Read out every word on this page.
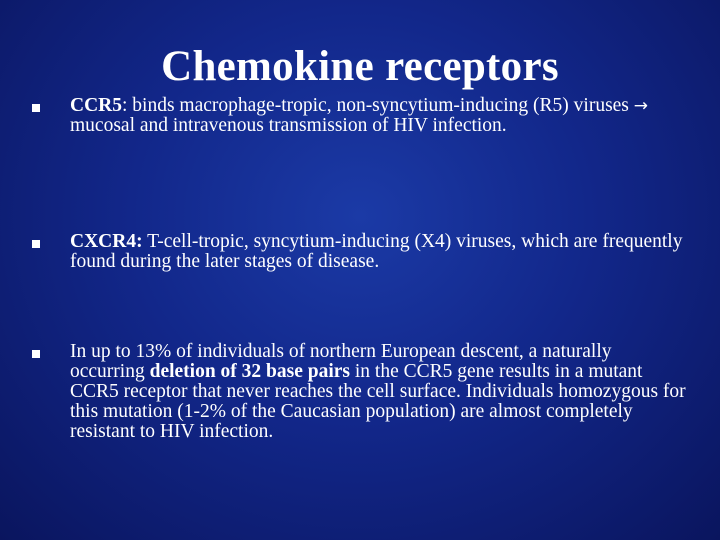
Chemokine receptors
CCR5: binds macrophage-tropic, non-syncytium-inducing (R5) viruses → mucosal and intravenous transmission of HIV infection.
CXCR4: T-cell-tropic, syncytium-inducing (X4) viruses, which are frequently found during the later stages of disease.
In up to 13% of individuals of northern European descent, a naturally occurring deletion of 32 base pairs in the CCR5 gene results in a mutant CCR5 receptor that never reaches the cell surface. Individuals homozygous for this mutation (1-2% of the Caucasian population) are almost completely resistant to HIV infection.
